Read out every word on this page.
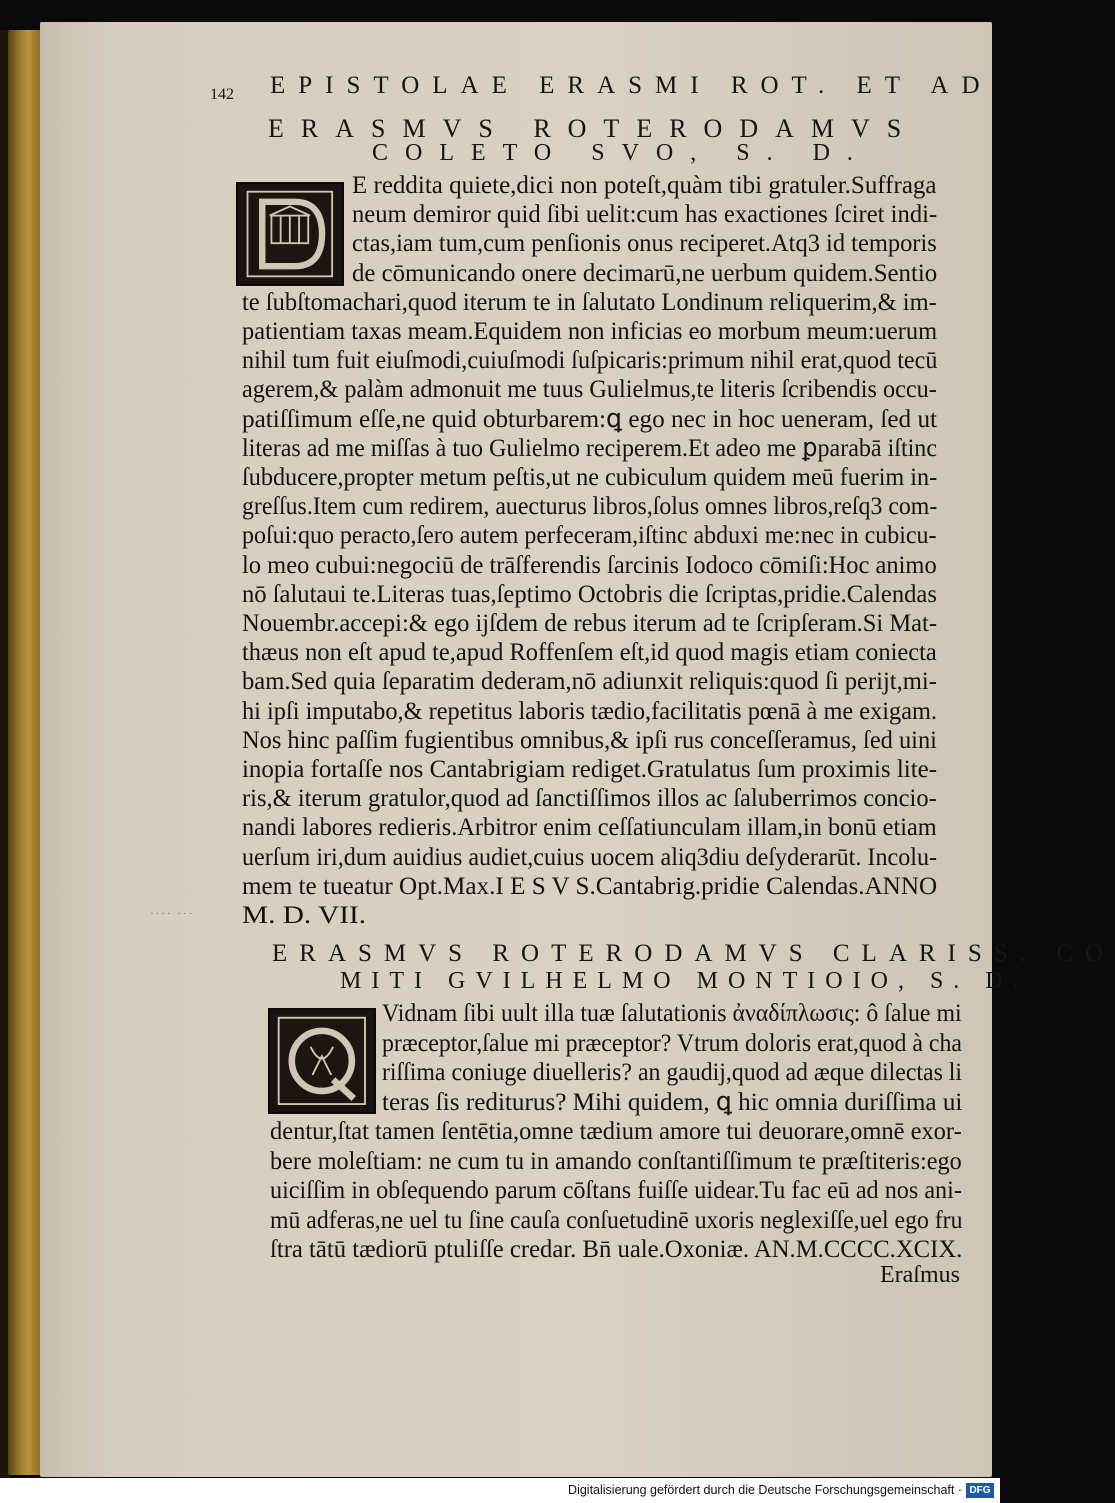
142 EPISTOLAE ERASMI ROT. ET AD
ERASMVS ROTERODAMVS
COLETO SVO, S. D.
E reddita quiete,dici non poteſt,quàm tibi gratuler.Suffraga
neum demiror quid ſibi uelit:cum has exactiones ſciret indi-
ctas,iam tum,cum penſionis onus reciperet.Atq3 id temporis
de cōmunicando onere decimarū,ne uerbum quidem.Sentio
te ſubſtomachari,quod iterum te in ſalutato Londinum reliquerim,& im-
patientiam taxas meam.Equidem non inficias eo morbum meum:uerum
nihil tum fuit eiuſmodi,cuiuſmodi ſuſpicaris:primum nihil erat,quod tecū
agerem,& palàm admonuit me tuus Gulielmus,te literis ſcribendis occu-
patiſſimum eſſe,ne quid obturbarem:ꝗ ego nec in hoc ueneram, ſed ut
literas ad me miſſas à tuo Gulielmo reciperem.Et adeo me ꝑparabā iſtinc
ſubducere,propter metum peſtis,ut ne cubiculum quidem meū fuerim in-
greſſus.Item cum redirem, auecturus libros,ſolus omnes libros,reſq3 com-
poſui:quo peracto,ſero autem perfeceram,iſtinc abduxi me:nec in cubicu-
lo meo cubui:negociū de trāſferendis ſarcinis Iodoco cōmiſi:Hoc animo
nō ſalutaui te.Literas tuas,ſeptimo Octobris die ſcriptas,pridie.Calendas
Nouembr.accepi:& ego ijſdem de rebus iterum ad te ſcripſeram.Si Mat-
thæus non eſt apud te,apud Roffenſem eſt,id quod magis etiam coniecta
bam.Sed quia ſeparatim dederam,nō adiunxit reliquis:quod ſi perijt,mi-
hi ipſi imputabo,& repetitus laboris tædio,facilitatis pœnā à me exigam.
Nos hinc paſſim fugientibus omnibus,& ipſi rus conceſſeramus, ſed uini
inopia fortaſſe nos Cantabrigiam rediget.Gratulatus ſum proximis lite-
ris,& iterum gratulor,quod ad ſanctiſſimos illos ac ſaluberrimos concio-
nandi labores redieris.Arbitror enim ceſſatiunculam illam,in bonū etiam
uerſum iri,dum auidius audiet,cuius uocem aliq3diu deſyderarūt. Incolu-
mem te tueatur Opt.Max.I E S V S.Cantabrig.pridie Calendas.ANNO
M. D. VII.
···· ···
ERASMVS ROTERODAMVS CLARISS. CO
MITI GVILHELMO MONTIOIO, S. D.
Vidnam ſibi uult illa tuæ ſalutationis ἀναδίπλωσις: ô ſalue mi
præceptor,ſalue mi præceptor? Vtrum doloris erat,quod à cha
riſſima coniuge diuelleris? an gaudij,quod ad æque dilectas li
teras ſis rediturus? Mihi quidem, ꝗ hic omnia duriſſima ui
dentur,ſtat tamen ſentētia,omne tædium amore tui deuorare,omnē exor-
bere moleſtiam: ne cum tu in amando conſtantiſſimum te præſtiteris:ego
uiciſſim in obſequendo parum cōſtans fuiſſe uidear.Tu fac eū ad nos ani-
mū adferas,ne uel tu ſine cauſa conſuetudinē uxoris neglexiſſe,uel ego fru
ſtra tātū tædiorū ptuliſſe credar. Bn̄ uale.Oxoniæ. AN.M.CCCC.XCIX.
Eraſmus
Digitalisierung gefördert durch die Deutsche Forschungsgemeinschaft · DFG
